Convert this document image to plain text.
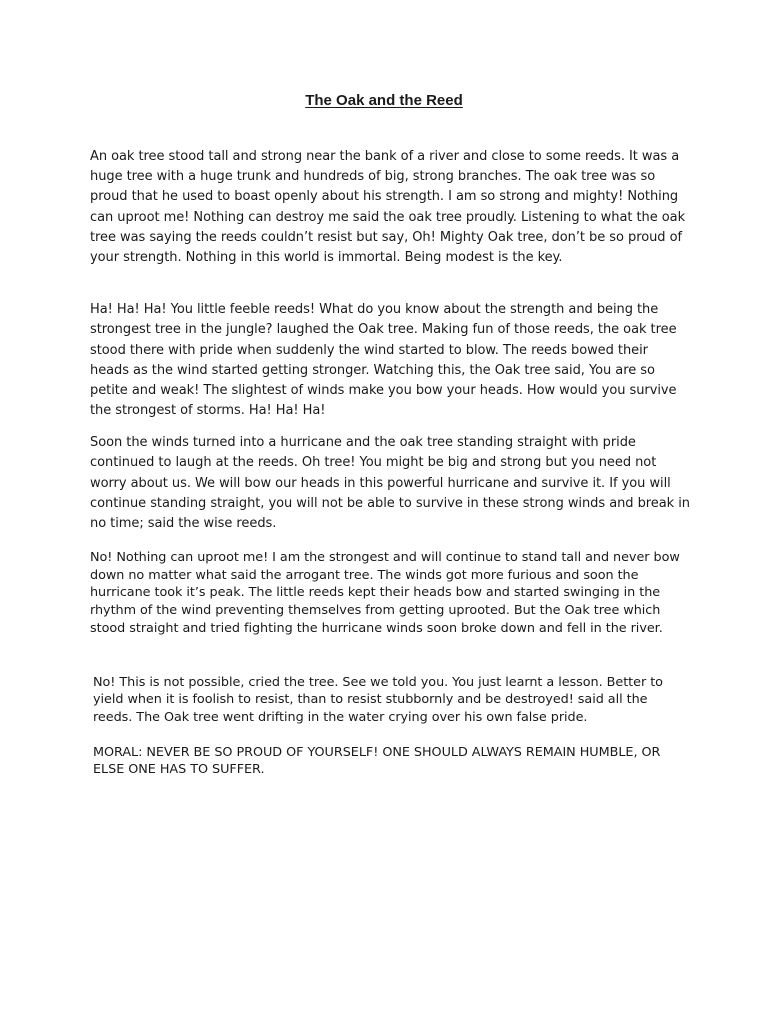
The Oak and the Reed

An oak tree stood tall and strong near the bank of a river and close to some reeds. It was a huge tree with a huge trunk and hundreds of big, strong branches. The oak tree was so proud that he used to boast openly about his strength. I am so strong and mighty! Nothing can uproot me! Nothing can destroy me said the oak tree proudly. Listening to what the oak tree was saying the reeds couldn’t resist but say, Oh! Mighty Oak tree, don’t be so proud of your strength. Nothing in this world is immortal. Being modest is the key.

Ha! Ha! Ha! You little feeble reeds! What do you know about the strength and being the strongest tree in the jungle? laughed the Oak tree. Making fun of those reeds, the oak tree stood there with pride when suddenly the wind started to blow. The reeds bowed their heads as the wind started getting stronger. Watching this, the Oak tree said, You are so petite and weak! The slightest of winds make you bow your heads. How would you survive the strongest of storms. Ha! Ha! Ha!

Soon the winds turned into a hurricane and the oak tree standing straight with pride continued to laugh at the reeds. Oh tree! You might be big and strong but you need not worry about us. We will bow our heads in this powerful hurricane and survive it. If you will continue standing straight, you will not be able to survive in these strong winds and break in no time; said the wise reeds.

No! Nothing can uproot me! I am the strongest and will continue to stand tall and never bow down no matter what said the arrogant tree. The winds got more furious and soon the hurricane took it’s peak. The little reeds kept their heads bow and started swinging in the rhythm of the wind preventing themselves from getting uprooted. But the Oak tree which stood straight and tried fighting the hurricane winds soon broke down and fell in the river.

No! This is not possible, cried the tree. See we told you. You just learnt a lesson. Better to yield when it is foolish to resist, than to resist stubbornly and be destroyed! said all the reeds. The Oak tree went drifting in the water crying over his own false pride.

MORAL: NEVER BE SO PROUD OF YOURSELF! ONE SHOULD ALWAYS REMAIN HUMBLE, OR ELSE ONE HAS TO SUFFER.
